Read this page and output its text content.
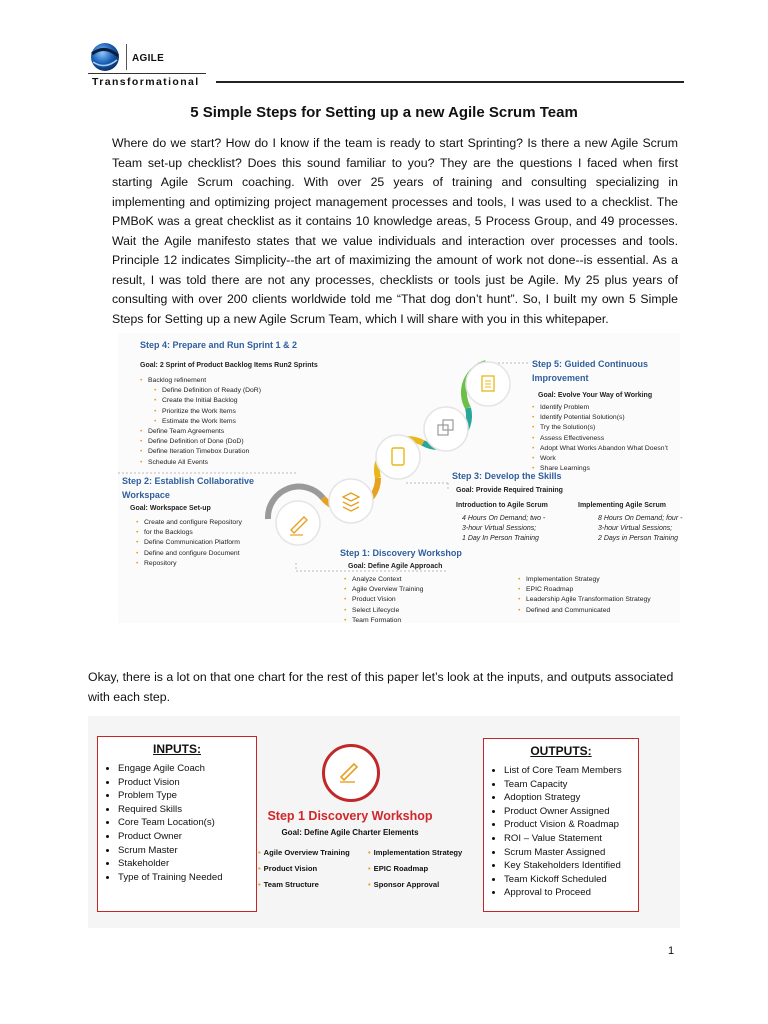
AGILE
Transformational
5 Simple Steps for Setting up a new Agile Scrum Team
Where do we start? How do I know if the team is ready to start Sprinting? Is there a new Agile Scrum Team set-up checklist? Does this sound familiar to you? They are the questions I faced when first starting Agile Scrum coaching. With over 25 years of training and consulting specializing in implementing and optimizing project management processes and tools, I was used to a checklist. The PMBoK was a great checklist as it contains 10 knowledge areas, 5 Process Group, and 49 processes. Wait the Agile manifesto states that we value individuals and interaction over processes and tools. Principle 12 indicates Simplicity--the art of maximizing the amount of work not done--is essential. As a result, I was told there are not any processes, checklists or tools just be Agile. My 25 plus years of consulting with over 200 clients worldwide told me “That dog don’t hunt”. So, I built my own 5 Simple Steps for Setting up a new Agile Scrum Team, which I will share with you in this whitepaper.
Step 4: Prepare and Run Sprint 1 & 2
Goal: 2 Sprint of Product Backlog Items Run2 Sprints
• Backlog refinement
• Define Definition of Ready (DoR)
• Create the Initial Backlog
• Prioritize the Work Items
• Estimate the Work Items
• Define Team Agreements
• Define Definition of Done (DoD)
• Define Iteration Timebox Duration
• Schedule All Events
Step 2: Establish Collaborative Workspace
Goal: Workspace Set-up
• Create and configure Repository
• for the Backlogs
• Define Communication Platform
• Define and configure Document
• Repository
Step 5: Guided Continuous Improvement
Goal: Evolve Your Way of Working
• Identify Problem
• Identify Potential Solution(s)
• Try the Solution(s)
• Assess Effectiveness
• Adopt What Works Abandon What Doesn’t
• Work
• Share Learnings
Step 3: Develop the Skills
Goal: Provide Required Training
Introduction to Agile Scrum
4 Hours On Demand; two -
3-hour Virtual Sessions;
1 Day In Person Training
Implementing Agile Scrum
8 Hours On Demand; four -
3-hour Virtual Sessions;
2 Days in Person Training
Step 1: Discovery Workshop
Goal: Define Agile Approach
• Analyze Context
• Agile Overview Training
• Product Vision
• Select Lifecycle
• Team Formation
• Implementation Strategy
• EPIC Roadmap
• Leadership Agile Transformation Strategy
• Defined and Communicated
Okay, there is a lot on that one chart for the rest of this paper let’s look at the inputs, and outputs associated with each step.
INPUTS:
• Engage Agile Coach
• Product Vision
• Problem Type
• Required Skills
• Core Team Location(s)
• Product Owner
• Scrum Master
• Stakeholder
• Type of Training Needed
Step 1 Discovery Workshop
Goal: Define Agile Charter Elements
• Agile Overview Training	• Implementation Strategy
• Product Vision	• EPIC Roadmap
• Team Structure	• Sponsor Approval
OUTPUTS:
• List of Core Team Members
• Team Capacity
• Adoption Strategy
• Product Owner Assigned
• Product Vision & Roadmap
• ROI – Value Statement
• Scrum Master Assigned
• Key Stakeholders Identified
• Team Kickoff Scheduled
• Approval to Proceed
1
